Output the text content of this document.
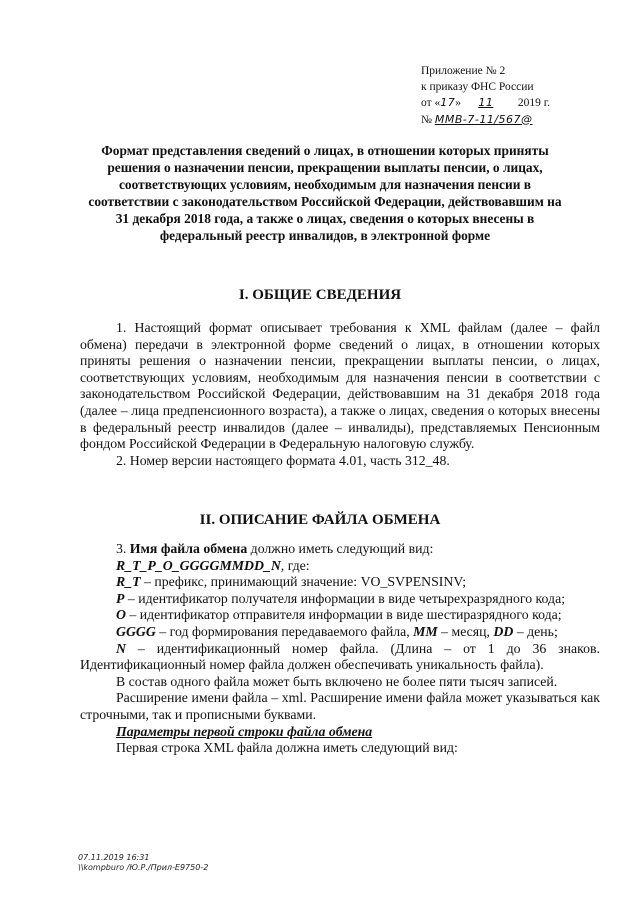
Приложение № 2
к приказу ФНС России
от «17» 11 2019 г.
№ ММВ-7-11/567@
Формат представления сведений о лицах, в отношении которых приняты решения о назначении пенсии, прекращении выплаты пенсии, о лицах, соответствующих условиям, необходимым для назначения пенсии в соответствии с законодательством Российской Федерации, действовавшим на 31 декабря 2018 года, а также о лицах, сведения о которых внесены в федеральный реестр инвалидов, в электронной форме
I. ОБЩИЕ СВЕДЕНИЯ

1. Настоящий формат описывает требования к XML файлам (далее – файл обмена) передачи в электронной форме сведений о лицах, в отношении которых приняты решения о назначении пенсии, прекращении выплаты пенсии, о лицах, соответствующих условиям, необходимым для назначения пенсии в соответствии с законодательством Российской Федерации, действовавшим на 31 декабря 2018 года (далее – лица предпенсионного возраста), а также о лицах, сведения о которых внесены в федеральный реестр инвалидов (далее – инвалиды), представляемых Пенсионным фондом Российской Федерации в Федеральную налоговую службу.

2. Номер версии настоящего формата 4.01, часть 312_48.

II. ОПИСАНИЕ ФАЙЛА ОБМЕНА

3. Имя файла обмена должно иметь следующий вид:

R_T_P_O_GGGGMMDD_N, где:

R_T – префикс, принимающий значение: VO_SVPENSINV;

P – идентификатор получателя информации в виде четырехразрядного кода;

O – идентификатор отправителя информации в виде шестиразрядного кода;

GGGG – год формирования передаваемого файла, MM – месяц, DD – день;

N – идентификационный номер файла. (Длина – от 1 до 36 знаков. Идентификационный номер файла должен обеспечивать уникальность файла).

В состав одного файла может быть включено не более пяти тысяч записей.

Расширение имени файла – xml. Расширение имени файла может указываться как строчными, так и прописными буквами.

Параметры первой строки файла обмена

Первая строка XML файла должна иметь следующий вид:

07.11.2019 16:31
\\kompburo /Ю.Р./Прил-Е9750-2
